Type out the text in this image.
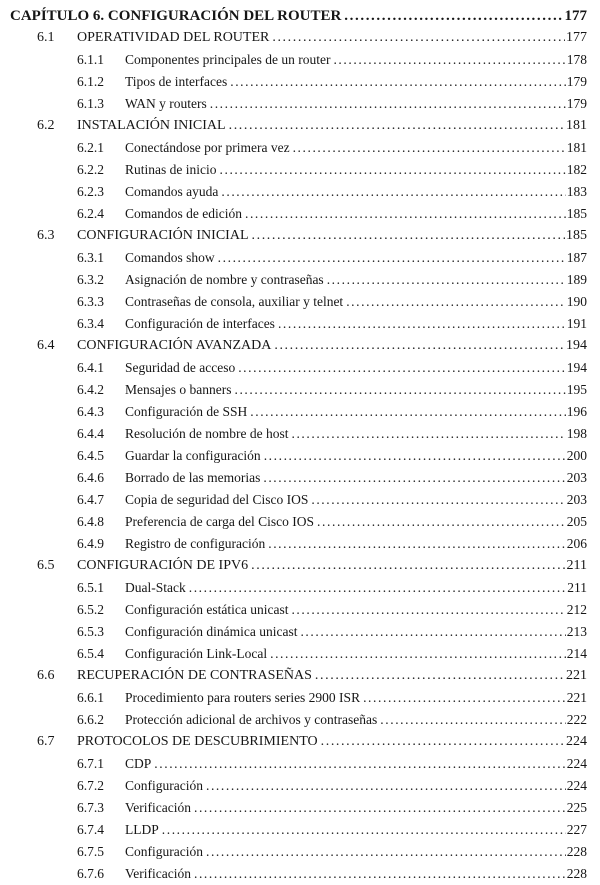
CAPÍTULO 6. CONFIGURACIÓN DEL ROUTER .....	177
6.1	OPERATIVIDAD DEL ROUTER .....	177
6.1.1	Componentes principales de un router .....	178
6.1.2	Tipos de interfaces .....	179
6.1.3	WAN y routers .....	179
6.2	INSTALACIÓN INICIAL .....	181
6.2.1	Conectándose por primera vez .....	181
6.2.2	Rutinas de inicio .....	182
6.2.3	Comandos ayuda .....	183
6.2.4	Comandos de edición .....	185
6.3	CONFIGURACIÓN INICIAL .....	185
6.3.1	Comandos show .....	187
6.3.2	Asignación de nombre y contraseñas .....	189
6.3.3	Contraseñas de consola, auxiliar y telnet .....	190
6.3.4	Configuración de interfaces .....	191
6.4	CONFIGURACIÓN AVANZADA .....	194
6.4.1	Seguridad de acceso .....	194
6.4.2	Mensajes o banners .....	195
6.4.3	Configuración de SSH .....	196
6.4.4	Resolución de nombre de host .....	198
6.4.5	Guardar la configuración .....	200
6.4.6	Borrado de las memorias .....	203
6.4.7	Copia de seguridad del Cisco IOS .....	203
6.4.8	Preferencia de carga del Cisco IOS .....	205
6.4.9	Registro de configuración .....	206
6.5	CONFIGURACIÓN DE IPV6 .....	211
6.5.1	Dual-Stack .....	211
6.5.2	Configuración estática unicast .....	212
6.5.3	Configuración dinámica unicast .....	213
6.5.4	Configuración Link-Local .....	214
6.6	RECUPERACIÓN DE CONTRASEÑAS .....	221
6.6.1	Procedimiento para routers series 2900 ISR .....	221
6.6.2	Protección adicional de archivos y contraseñas .....	222
6.7	PROTOCOLOS DE DESCUBRIMIENTO .....	224
6.7.1	CDP .....	224
6.7.2	Configuración .....	224
6.7.3	Verificación .....	225
6.7.4	LLDP .....	227
6.7.5	Configuración .....	228
6.7.6	Verificación .....	228
